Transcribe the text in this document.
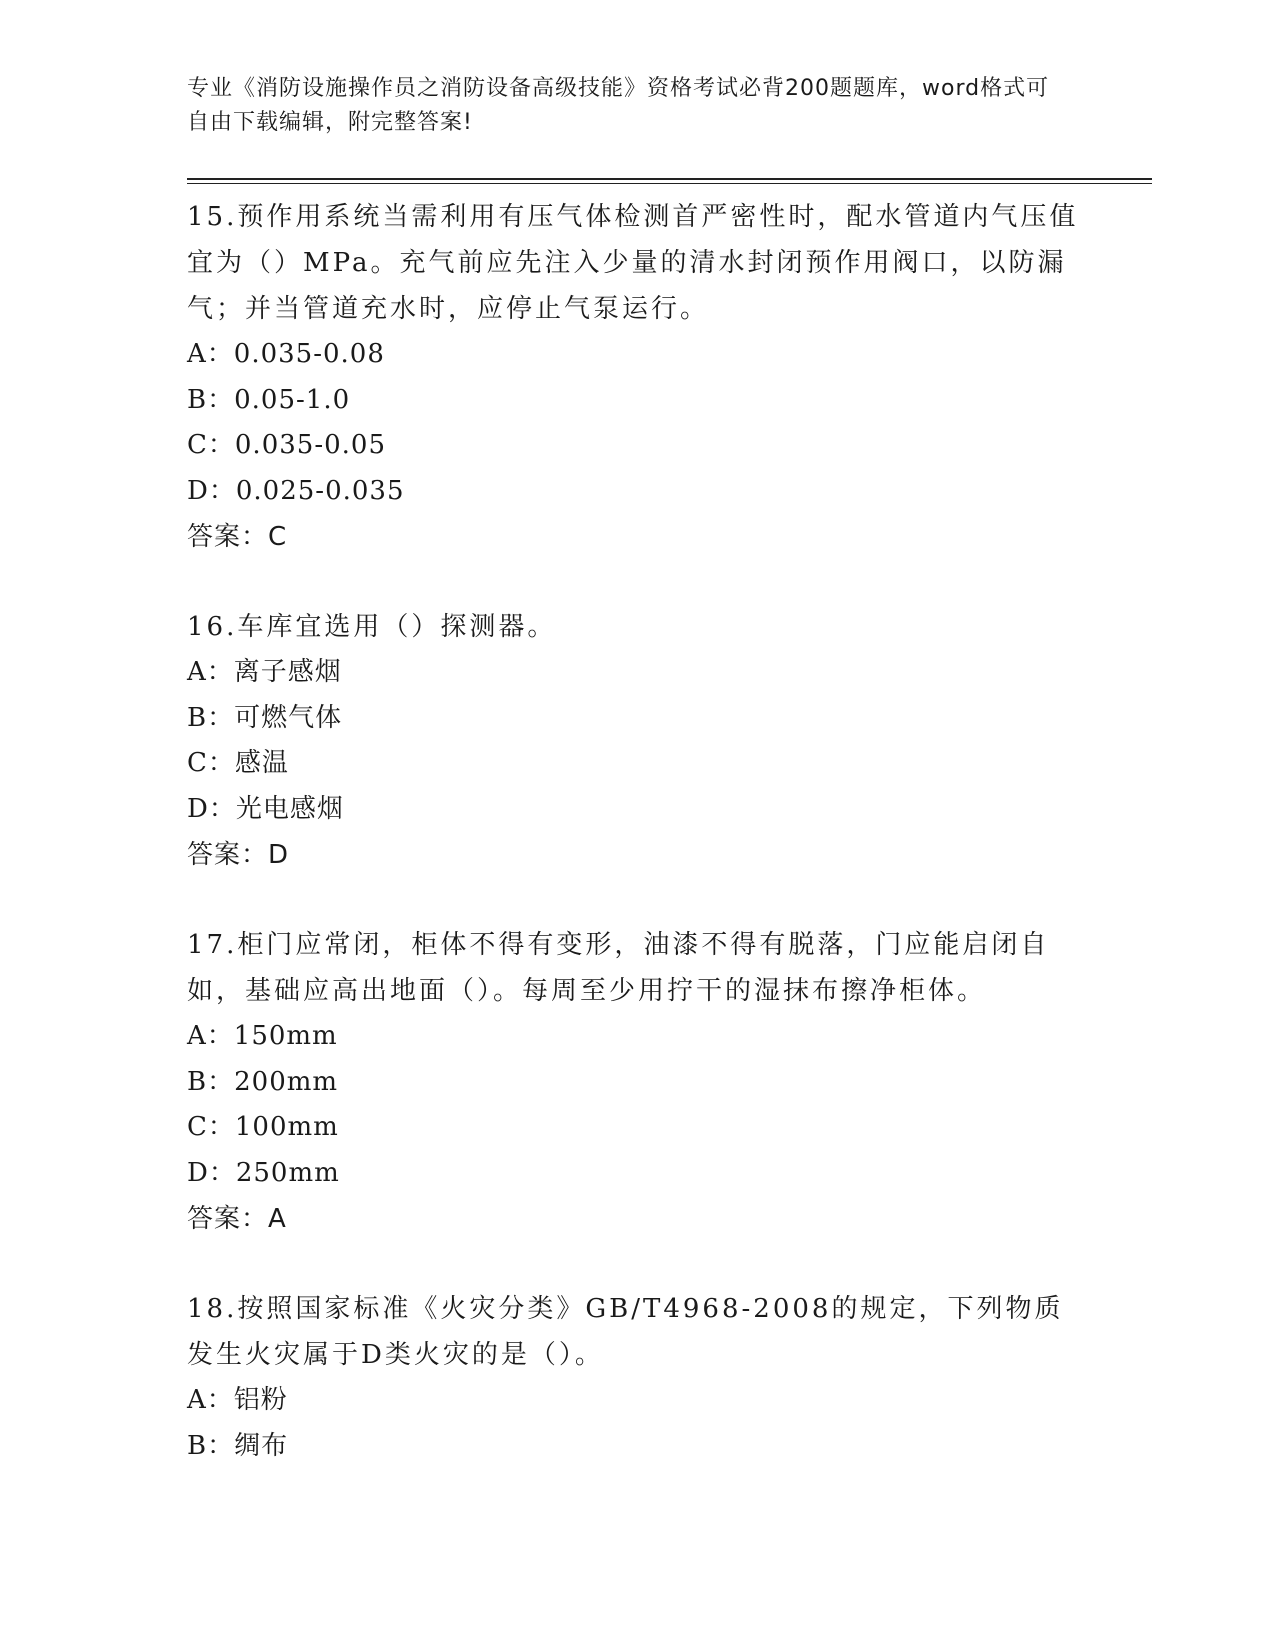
专业《消防设施操作员之消防设备高级技能》资格考试必背200题题库，word格式可自由下载编辑，附完整答案!

15.预作用系统当需利用有压气体检测首严密性时，配水管道内气压值宜为（）MPa。充气前应先注入少量的清水封闭预作用阀口，以防漏气；并当管道充水时，应停止气泵运行。

A：0.035-0.08

B：0.05-1.0

C：0.035-0.05

D：0.025-0.035

答案：C

16.车库宜选用（）探测器。

A：离子感烟

B：可燃气体

C：感温

D：光电感烟

答案：D

17.柜门应常闭，柜体不得有变形，油漆不得有脱落，门应能启闭自如，基础应高出地面（）。每周至少用拧干的湿抹布擦净柜体。

A：150mm

B：200mm

C：100mm

D：250mm

答案：A

18.按照国家标准《火灾分类》GB/T4968-2008的规定，下列物质发生火灾属于D类火灾的是（）。

A：铝粉

B：绸布
